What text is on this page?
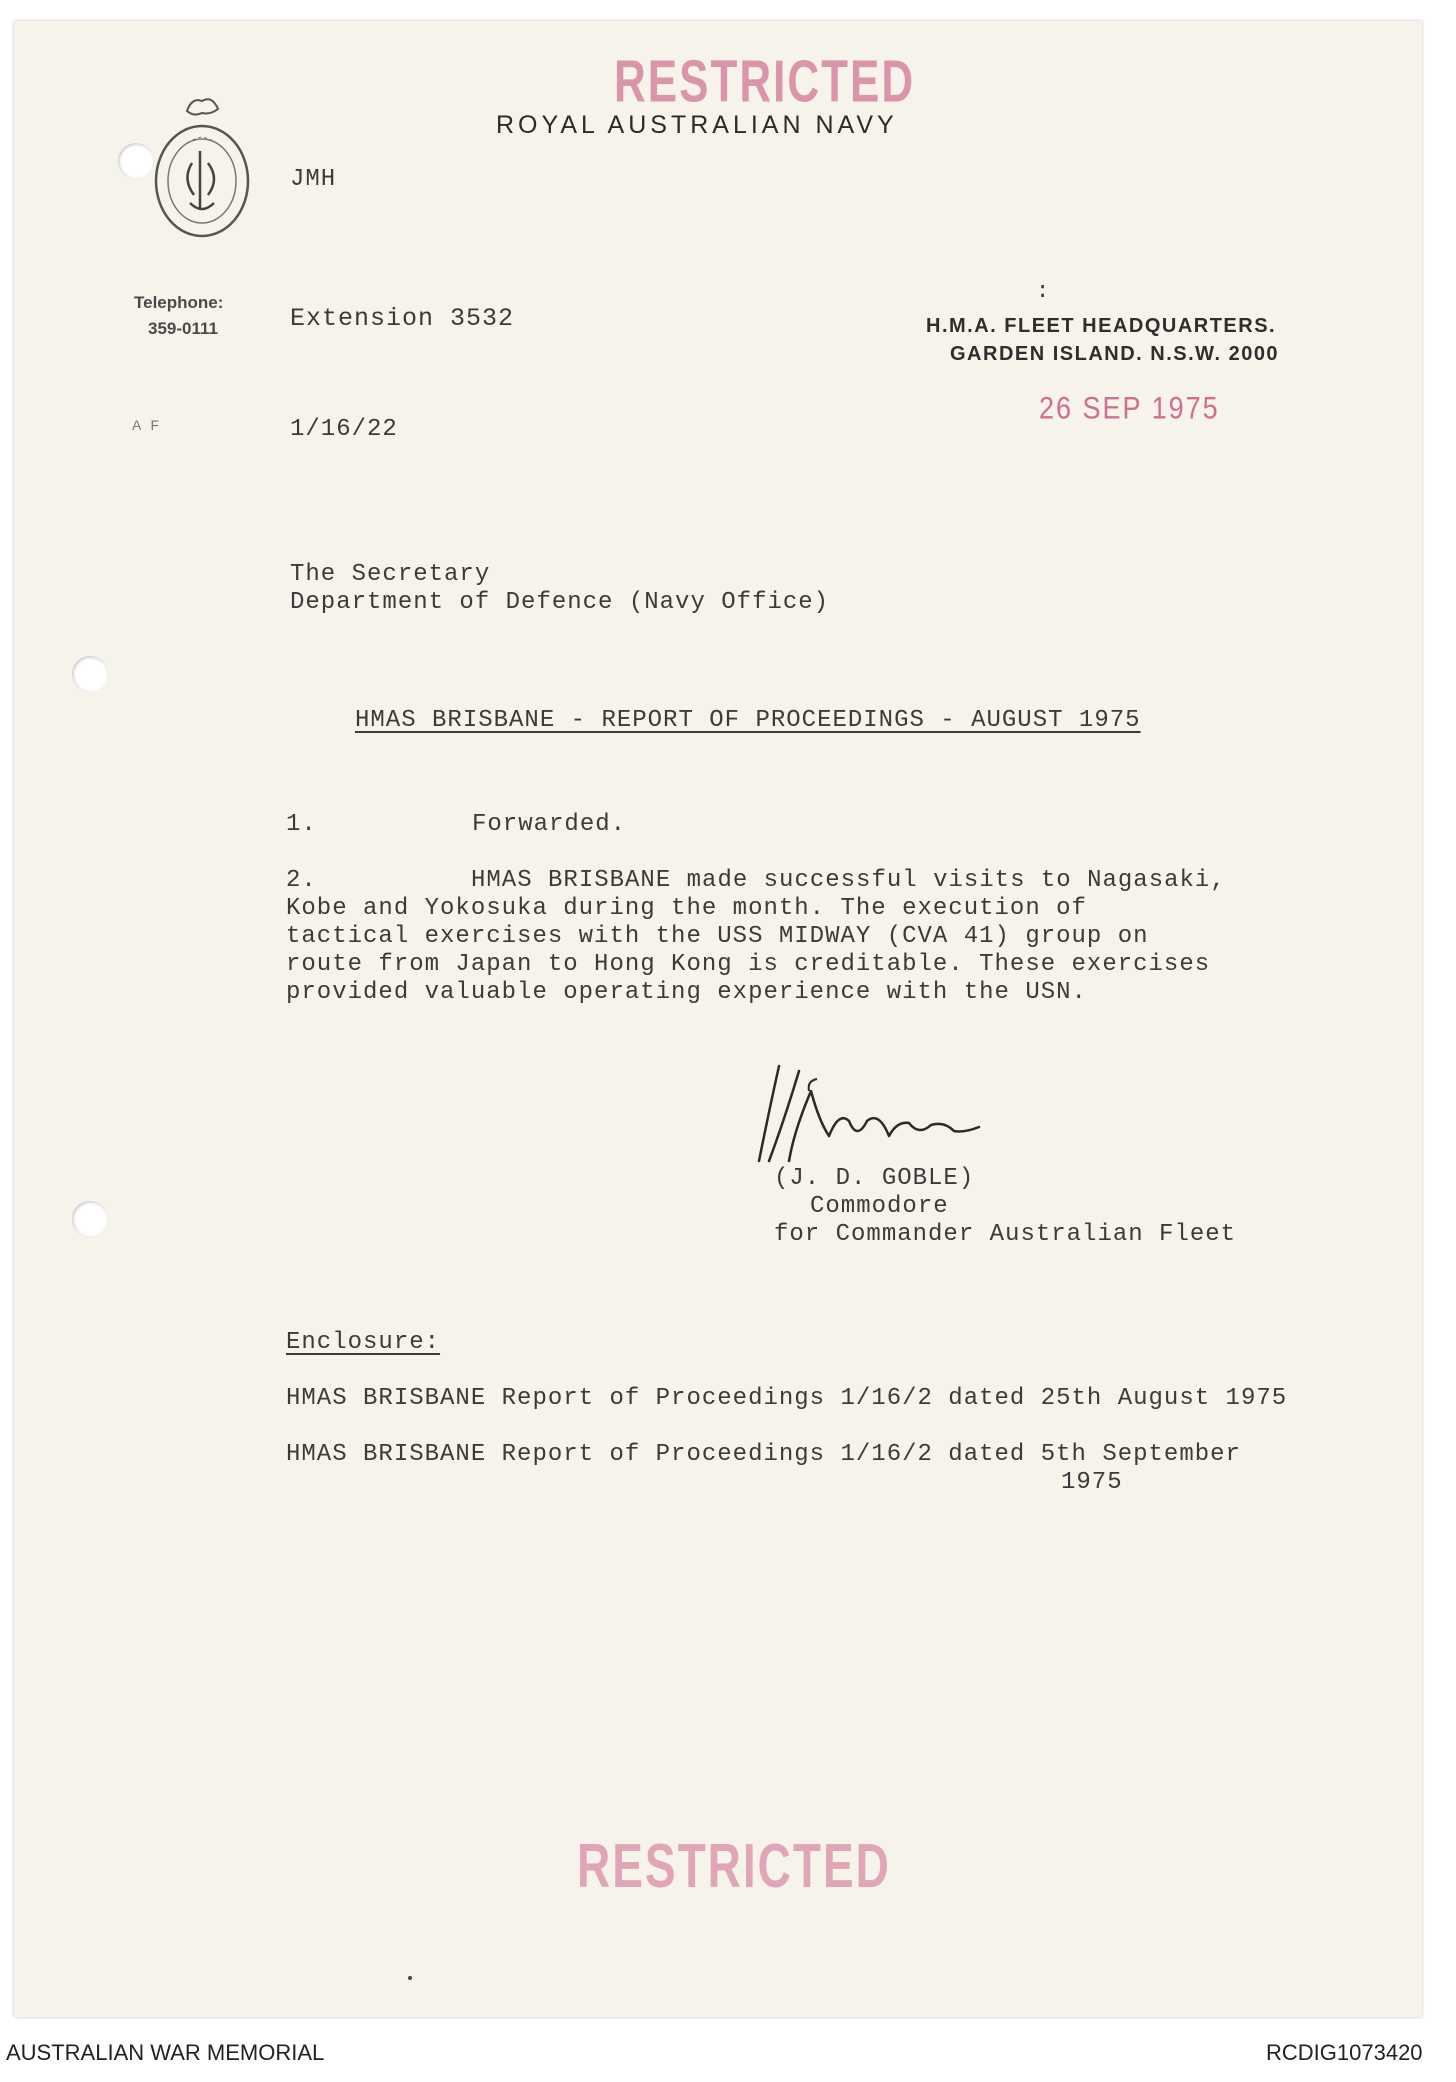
RESTRICTED
ROYAL AUSTRALIAN NAVY
JMH
Telephone:
359-0111	Extension 3532
:
H.M.A. FLEET HEADQUARTERS.
GARDEN ISLAND. N.S.W. 2000
A F	1/16/22
26 SEP 1975
The Secretary
Department of Defence (Navy Office)
HMAS BRISBANE - REPORT OF PROCEEDINGS - AUGUST 1975
1.	Forwarded.
2.	HMAS BRISBANE made successful visits to Nagasaki,
Kobe and Yokosuka during the month. The execution of
tactical exercises with the USS MIDWAY (CVA 41) group on
route from Japan to Hong Kong is creditable. These exercises
provided valuable operating experience with the USN.
(J. D. GOBLE)
Commodore
for Commander Australian Fleet
Enclosure:
HMAS BRISBANE Report of Proceedings 1/16/2 dated 25th August 1975
HMAS BRISBANE Report of Proceedings 1/16/2 dated 5th September
1975
RESTRICTED
AUSTRALIAN WAR MEMORIAL	RCDIG1073420
